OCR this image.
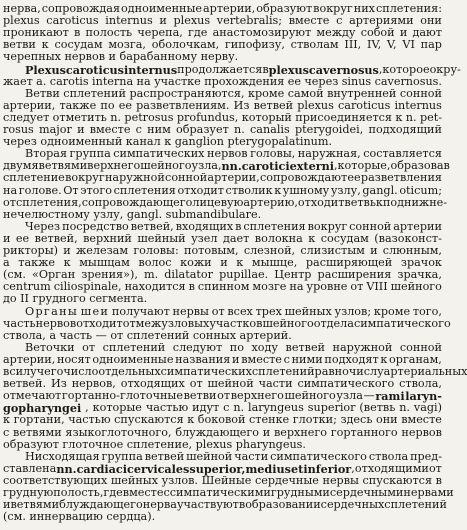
нерва, сопровождая одноименные артерии, образуют вокруг них сплетения:
plexus caroticus internus и plexus vertebralis; вместе с артериями они
проникают в полость черепа, где анастомозируют между собой и дают
ветви к сосудам мозга, оболочкам, гипофизу, стволам III, IV, V, VI пар
черепных нервов и барабанному нерву.
Plexus caroticus internus продолжается в plexus cavernosus , которое окру-
жает a. carotis interna на участке прохождения ее через sinus cavernosus.
Ветви сплетений распространяются, кроме самой внутренней сонной
артерии, также по ее разветвлениям. Из ветвей plexus caroticus internus
следует отметить n. petrosus profundus, который присоединяется к n. pet-
rosus major и вместе с ним образует n. canalis pterygoidei, подходящий
через одноименный канал к ganglion pterygopalatinum.
Вторая группа симпатических нервов головы, наружная, составляется
двумя ветвями верхнего шейного узла, nn. carotici externi , которые, образовав
сплетение вокруг наружной сонной артерии, сопровождают ее разветвления
на голове. От этого сплетения отходит стволик к ушному узлу, gangl. oticum;
от сплетения, сопровождающего лицевую артерию, отходит ветвь к поднижне-
нечелюстному узлу, gangl. submandibulare.
Через посредство ветвей, входящих в сплетения вокруг сонной артерии
и ее ветвей, верхний шейный узел дает волокна к сосудам (вазоконст-
рикторы) и железам головы: потовым, слезной, слизистым и слюнным,
а также к мышцам волос кожи и к мышце, расширяющей зрачок
(см. «Орган зрения»), m. dilatator pupillae. Центр расширения зрачка,
centrum ciliospinale, находится в спинном мозге на уровне от VIII шейного
до II грудного сегмента.
Органы шеи получают нервы от всех трех шейных узлов; кроме того,
часть нервов отходит от межузловых участков шейного отдела симпатического
ствола, а часть — от сплетений сонных артерий.
Веточки от сплетений следуют по ходу ветвей наружной сонной
артерии, носят одноименные названия и вместе с ними подходят к органам,
в силу чего число отдельных симпатических сплетений равно числу артериальных
ветвей. Из нервов, отходящих от шейной части симпатического ствола,
отмечают гортанно-глоточные ветви от верхнего шейного узла — rami laryn-
gopharyngei , которые частью идут с n. laryngeus superior (ветвь n. vagi)
к гортани, частью спускаются к боковой стенке глотки; здесь они вместе
с ветвями языкоглоточного, блуждающего и верхнего гортанного нервов
образуют глоточное сплетение, plexus pharyngeus.
Нисходящая группа ветвей шейной части симпатического ствола пред-
ставлена nn. cardiaci cervicales superior, medius et inferior , отходящими от
соответствующих шейных узлов. Шейные сердечные нервы спускаются в
грудную полость, где вместе с симпатическими грудными сердечными нервами
и ветвями блуждающего нерва участвуют в образовании сердечных сплетений
(см. иннервацию сердца).
